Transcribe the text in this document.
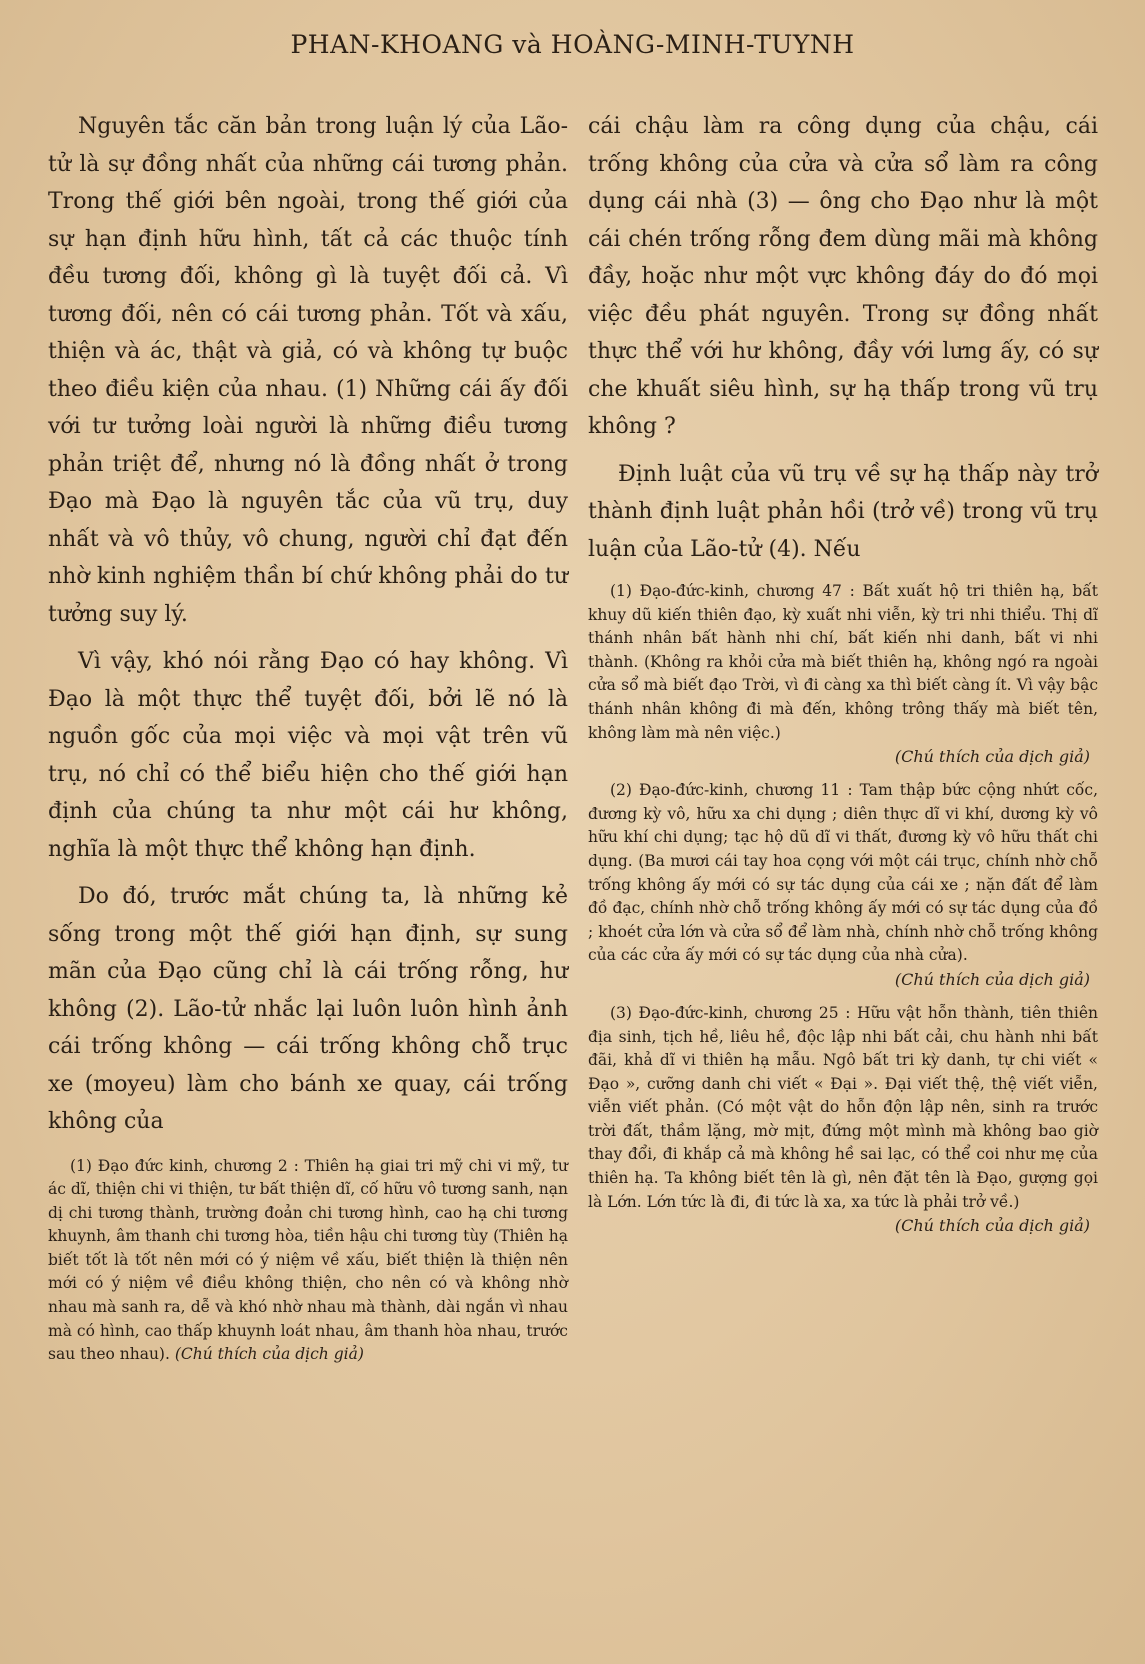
PHAN-KHOANG và HOÀNG-MINH-TUYNH

Nguyên tắc căn bản trong luận lý của Lão-tử là sự đồng nhất của những cái tương phản. Trong thế giới bên ngoài, trong thế giới của sự hạn định hữu hình, tất cả các thuộc tính đều tương đối, không gì là tuyệt đối cả. Vì tương đối, nên có cái tương phản. Tốt và xấu, thiện và ác, thật và giả, có và không tự buộc theo điều kiện của nhau. (1) Những cái ấy đối với tư tưởng loài người là những điều tương phản triệt để, nhưng nó là đồng nhất ở trong Đạo mà Đạo là nguyên tắc của vũ trụ, duy nhất và vô thủy, vô chung, người chỉ đạt đến nhờ kinh nghiệm thần bí chứ không phải do tư tưởng suy lý.

Vì vậy, khó nói rằng Đạo có hay không. Vì Đạo là một thực thể tuyệt đối, bởi lẽ nó là nguồn gốc của mọi việc và mọi vật trên vũ trụ, nó chỉ có thể biểu hiện cho thế giới hạn định của chúng ta như một cái hư không, nghĩa là một thực thể không hạn định.

Do đó, trước mắt chúng ta, là những kẻ sống trong một thế giới hạn định, sự sung mãn của Đạo cũng chỉ là cái trống rỗng, hư không (2). Lão-tử nhắc lại luôn luôn hình ảnh cái trống không — cái trống không chỗ trục xe (moyeu) làm cho bánh xe quay, cái trống không của

(1) Đạo đức kinh, chương 2 : Thiên hạ giai tri mỹ chi vi mỹ, tư ác dĩ, thiện chi vi thiện, tư bất thiện dĩ, cố hữu vô tương sanh, nạn dị chi tương thành, trường đoản chi tương hình, cao hạ chi tương khuynh, âm thanh chi tương hòa, tiền hậu chi tương tùy (Thiên hạ biết tốt là tốt nên mới có ý niệm về xấu, biết thiện là thiện nên mới có ý niệm về điều không thiện, cho nên có và không nhờ nhau mà sanh ra, dễ và khó nhờ nhau mà thành, dài ngắn vì nhau mà có hình, cao thấp khuynh loát nhau, âm thanh hòa nhau, trước sau theo nhau). (Chú thích của dịch giả)

cái chậu làm ra công dụng của chậu, cái trống không của cửa và cửa sổ làm ra công dụng cái nhà (3) — ông cho Đạo như là một cái chén trống rỗng đem dùng mãi mà không đầy, hoặc như một vực không đáy do đó mọi việc đều phát nguyên. Trong sự đồng nhất thực thể với hư không, đầy với lưng ấy, có sự che khuất siêu hình, sự hạ thấp trong vũ trụ không ?

Định luật của vũ trụ về sự hạ thấp này trở thành định luật phản hồi (trở về) trong vũ trụ luận của Lão-tử (4). Nếu

(1) Đạo-đức-kinh, chương 47 : Bất xuất hộ tri thiên hạ, bất khuy dũ kiến thiên đạo, kỳ xuất nhi viễn, kỳ tri nhi thiểu. Thị dĩ thánh nhân bất hành nhi chí, bất kiến nhi danh, bất vi nhi thành. (Không ra khỏi cửa mà biết thiên hạ, không ngó ra ngoài cửa sổ mà biết đạo Trời, vì đi càng xa thì biết càng ít. Vì vậy bậc thánh nhân không đi mà đến, không trông thấy mà biết tên, không làm mà nên việc.)

(Chú thích của dịch giả)

(2) Đạo-đức-kinh, chương 11 : Tam thập bức cộng nhứt cốc, đương kỳ vô, hữu xa chi dụng ; diên thực dĩ vi khí, dương kỳ vô hữu khí chi dụng; tạc hộ dũ dĩ vi thất, đương kỳ vô hữu thất chi dụng. (Ba mươi cái tay hoa cọng với một cái trục, chính nhờ chỗ trống không ấy mới có sự tác dụng của cái xe ; nặn đất để làm đồ đạc, chính nhờ chỗ trống không ấy mới có sự tác dụng của đồ ; khoét cửa lớn và cửa sổ để làm nhà, chính nhờ chỗ trống không của các cửa ấy mới có sự tác dụng của nhà cửa).

(Chú thích của dịch giả)

(3) Đạo-đức-kinh, chương 25 : Hữu vật hỗn thành, tiên thiên địa sinh, tịch hề, liêu hề, độc lập nhi bất cải, chu hành nhi bất đãi, khả dĩ vi thiên hạ mẫu. Ngô bất tri kỳ danh, tự chi viết « Đạo », cưỡng danh chi viết « Đại ». Đại viết thệ, thệ viết viễn, viễn viết phản. (Có một vật do hỗn độn lập nên, sinh ra trước trời đất, thầm lặng, mờ mịt, đứng một mình mà không bao giờ thay đổi, đi khắp cả mà không hề sai lạc, có thể coi như mẹ của thiên hạ. Ta không biết tên là gì, nên đặt tên là Đạo, gượng gọi là Lớn. Lớn tức là đi, đi tức là xa, xa tức là phải trở về.)

(Chú thích của dịch giả)
